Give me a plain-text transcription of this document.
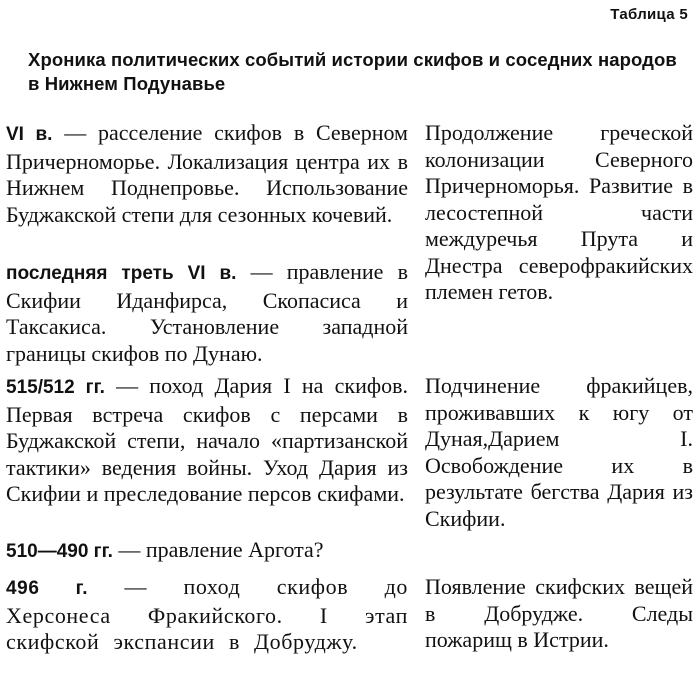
Таблица 5
Хроника политических событий истории скифов и соседних народов в Нижнем Подунавье
VI в. — расселение скифов в Северном Причерноморье. Локализация центра их в Нижнем Поднепровье. Использование Буджакской степи для сезонных кочевий.
Продолжение греческой колонизации Северного Причерноморья. Развитие в лесостепной части междуречья Прута и Днестра северофракийских племен гетов.
последняя треть VI в. — правление в Скифии Иданфирса, Скопасиса и Таксакиса. Установление западной границы скифов по Дунаю.
515/512 гг. — поход Дария I на скифов. Первая встреча скифов с персами в Буджакской степи, начало «партизанской тактики» ведения войны. Уход Дария из Скифии и преследование персов скифами.
Подчинение фракийцев, проживавших к югу от Дуная,Дарием I. Освобождение их в результате бегства Дария из Скифии.
510—490 гг. — правление Аргота?
496 г. — поход скифов до Херсонеса Фракийского. I этап скифской экспансии в Добруджу.
Появление скифских вещей в Добрудже. Следы пожарищ в Истрии.
